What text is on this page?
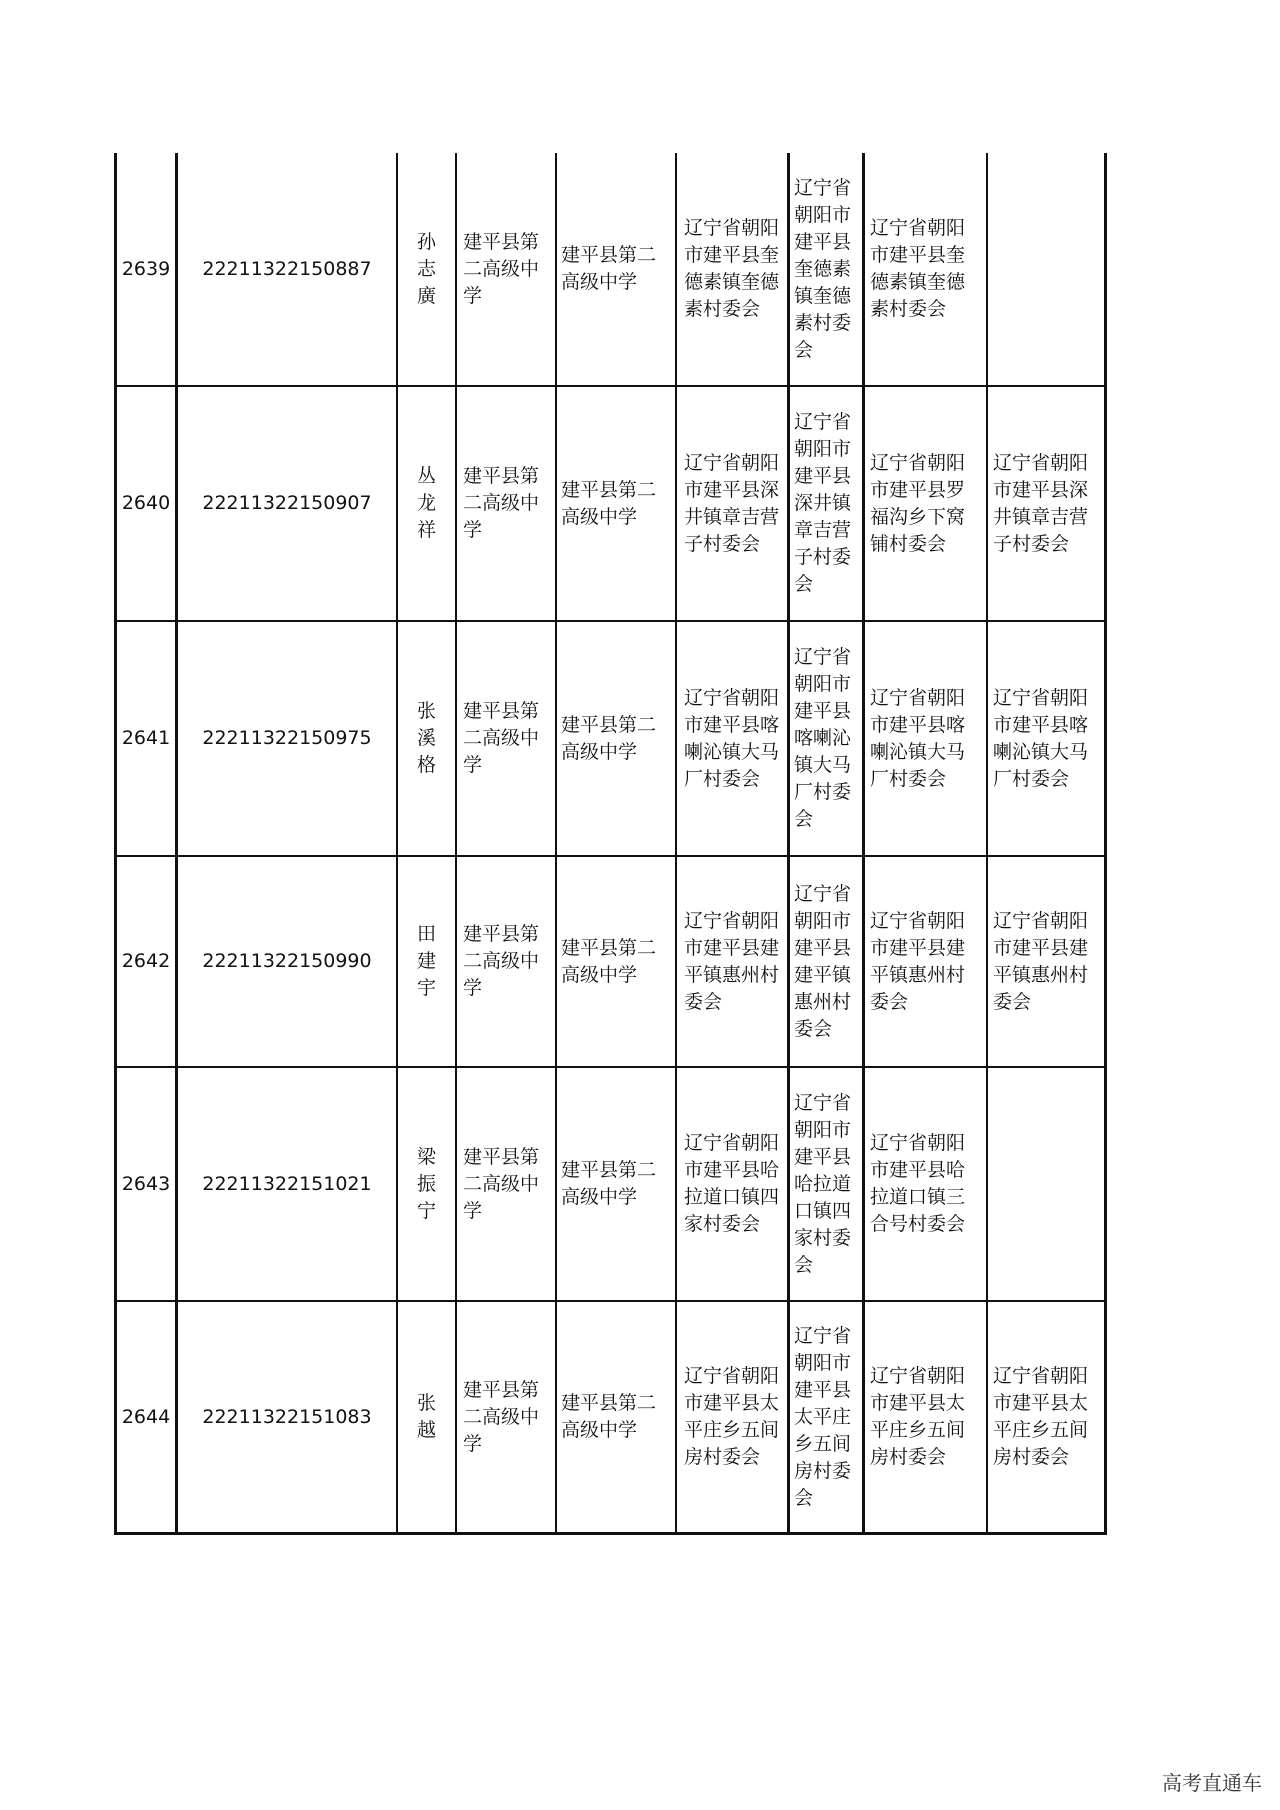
2639 22211322150887
孙志廣
建平县第二高级中学
建平县第二高级中学
辽宁省朝阳市建平县奎德素镇奎德素村委会
辽宁省朝阳市建平县奎德素镇奎德素村委会
辽宁省朝阳市建平县奎德素镇奎德素村委会
2640 22211322150907
丛龙祥
建平县第二高级中学
建平县第二高级中学
辽宁省朝阳市建平县深井镇章吉营子村委会
辽宁省朝阳市建平县深井镇章吉营子村委会
辽宁省朝阳市建平县罗福沟乡下窝铺村委会
辽宁省朝阳市建平县深井镇章吉营子村委会
2641 22211322150975
张溪格
建平县第二高级中学
建平县第二高级中学
辽宁省朝阳市建平县喀喇沁镇大马厂村委会
辽宁省朝阳市建平县喀喇沁镇大马厂村委会
辽宁省朝阳市建平县喀喇沁镇大马厂村委会
辽宁省朝阳市建平县喀喇沁镇大马厂村委会
2642 22211322150990
田建宇
建平县第二高级中学
建平县第二高级中学
辽宁省朝阳市建平县建平镇惠州村委会
辽宁省朝阳市建平县建平镇惠州村委会
辽宁省朝阳市建平县建平镇惠州村委会
辽宁省朝阳市建平县建平镇惠州村委会
2643 22211322151021
梁振宁
建平县第二高级中学
建平县第二高级中学
辽宁省朝阳市建平县哈拉道口镇四家村委会
辽宁省朝阳市建平县哈拉道口镇四家村委会
辽宁省朝阳市建平县哈拉道口镇三合号村委会
2644 22211322151083
张越
建平县第二高级中学
建平县第二高级中学
辽宁省朝阳市建平县太平庄乡五间房村委会
辽宁省朝阳市建平县太平庄乡五间房村委会
辽宁省朝阳市建平县太平庄乡五间房村委会
辽宁省朝阳市建平县太平庄乡五间房村委会
高考直通车
